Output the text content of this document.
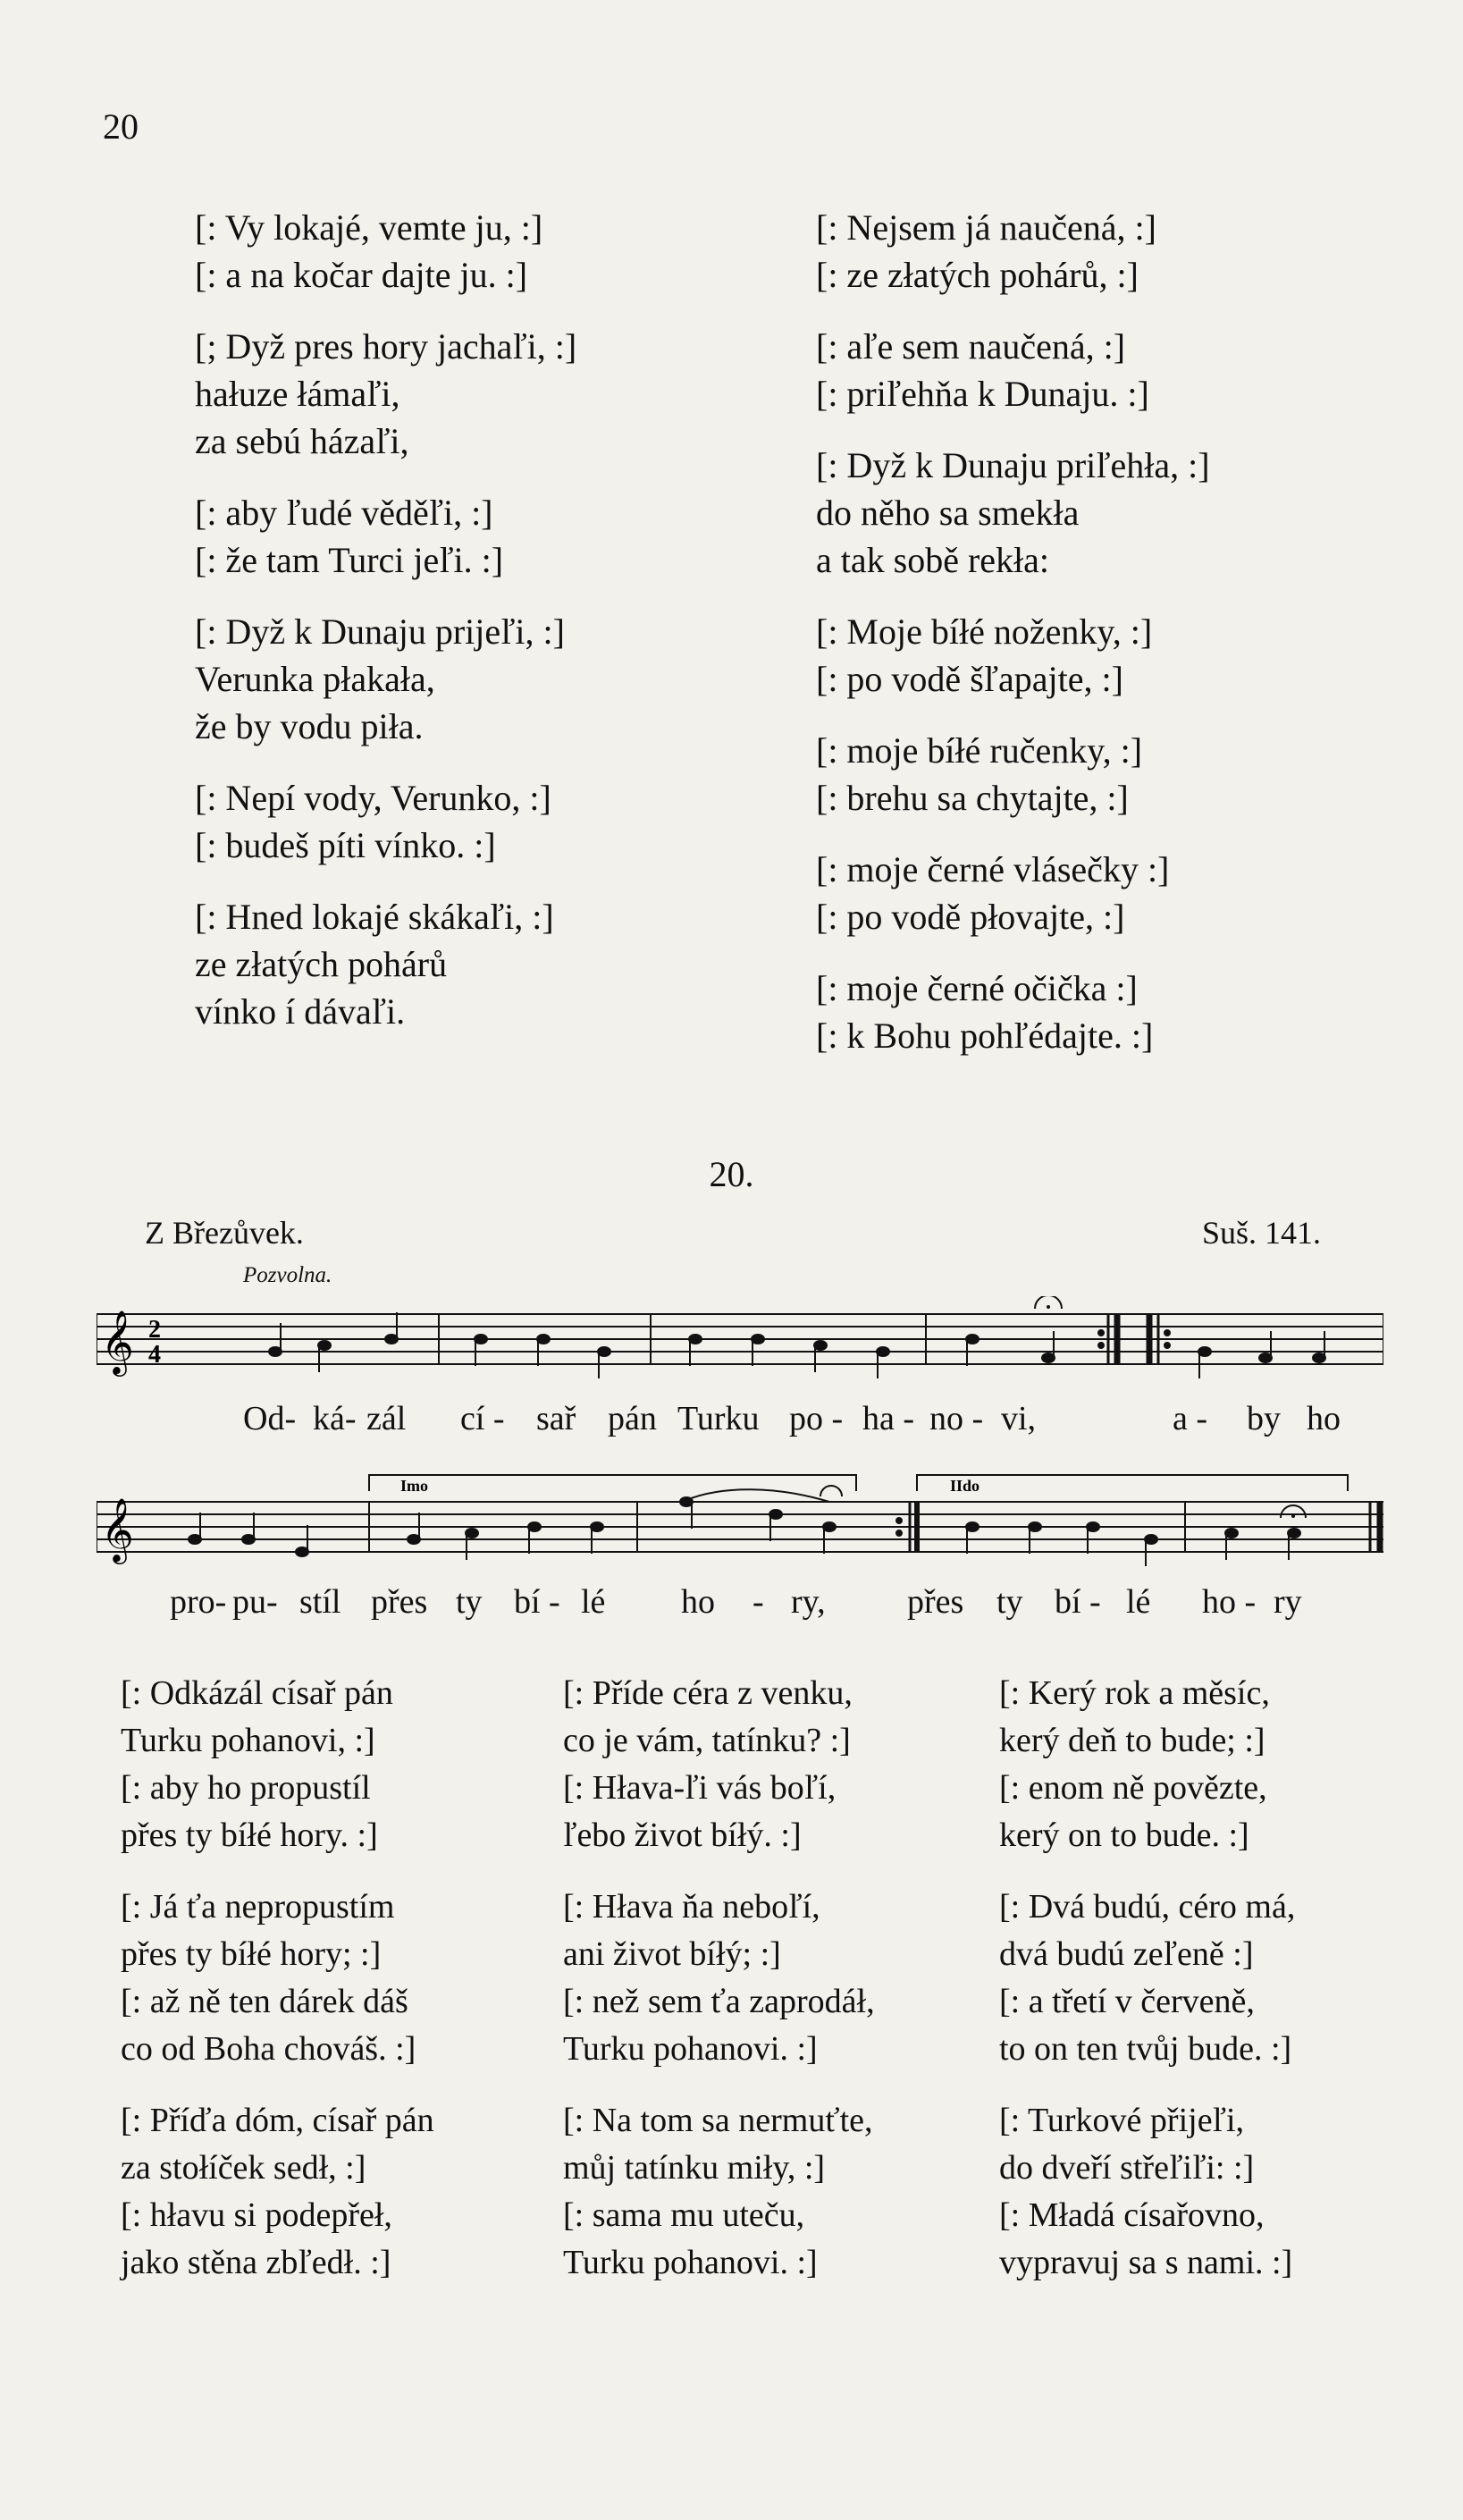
20
[: Vy lokajé, vemte ju, :]
[: a na kočar dajte ju. :]
[; Dyž pres hory jachaľi, :]
hałuze łámaľi,
za sebú házaľi,
[: aby ľudé věděľi, :]
[: že tam Turci jeľi. :]
[: Dyž k Dunaju prijeľi, :]
Verunka płakała,
že by vodu piła.
[: Nepí vody, Verunko, :]
[: budeš píti vínko. :]
[: Hned lokajé skákaľi, :]
ze złatých pohárů
vínko í dávaľi.
[: Nejsem já naučená, :]
[: ze złatých pohárů, :]
[: aľe sem naučená, :]
[: priľehňa k Dunaju. :]
[: Dyž k Dunaju priľehła, :]
do něho sa smekła
a tak sobě rekła:
[: Moje bíłé noženky, :]
[: po vodě šľapajte, :]
[: moje bíłé ručenky, :]
[: brehu sa chytajte, :]
[: moje černé vlásečky :]
[: po vodě płovajte, :]
[: moje černé očička :]
[: k Bohu pohľédajte. :]
20.
Z Březůvek.	Suš. 141.
Pozvolna.
𝄞 2
4
Od- ká- zál cí - sař pán Turku po - ha - no - vi,	a - by ho
𝄞
Imo	IIdo
pro- pu- stíl přes ty bí - lé ho - ry, přes ty bí - lé ho - ry
[: Odkázál císař pán
Turku pohanovi, :]
[: aby ho propustíl
přes ty bíłé hory. :]
[: Já ťa nepropustím
přes ty bíłé hory; :]
[: až ně ten dárek dáš
co od Boha chováš. :]
[: Příďa dóm, císař pán
za stołíček sedł, :]
[: hłavu si podepřeł,
jako stěna zbľedł. :]
[: Příde céra z venku,
co je vám, tatínku? :]
[: Hłava-ľi vás boľí,
ľebo život bíłý. :]
[: Hłava ňa neboľí,
ani život bíłý; :]
[: než sem ťa zaprodáł,
Turku pohanovi. :]
[: Na tom sa nermuťte,
můj tatínku miły, :]
[: sama mu uteču,
Turku pohanovi. :]
[: Kerý rok a měsíc,
kerý deň to bude; :]
[: enom ně povězte,
kerý on to bude. :]
[: Dvá budú, céro má,
dvá budú zeľeně :]
[: a třetí v červeně,
to on ten tvůj bude. :]
[: Turkové přijeľi,
do dveří střeľiľi: :]
[: Mładá císařovno,
vypravuj sa s nami. :]
